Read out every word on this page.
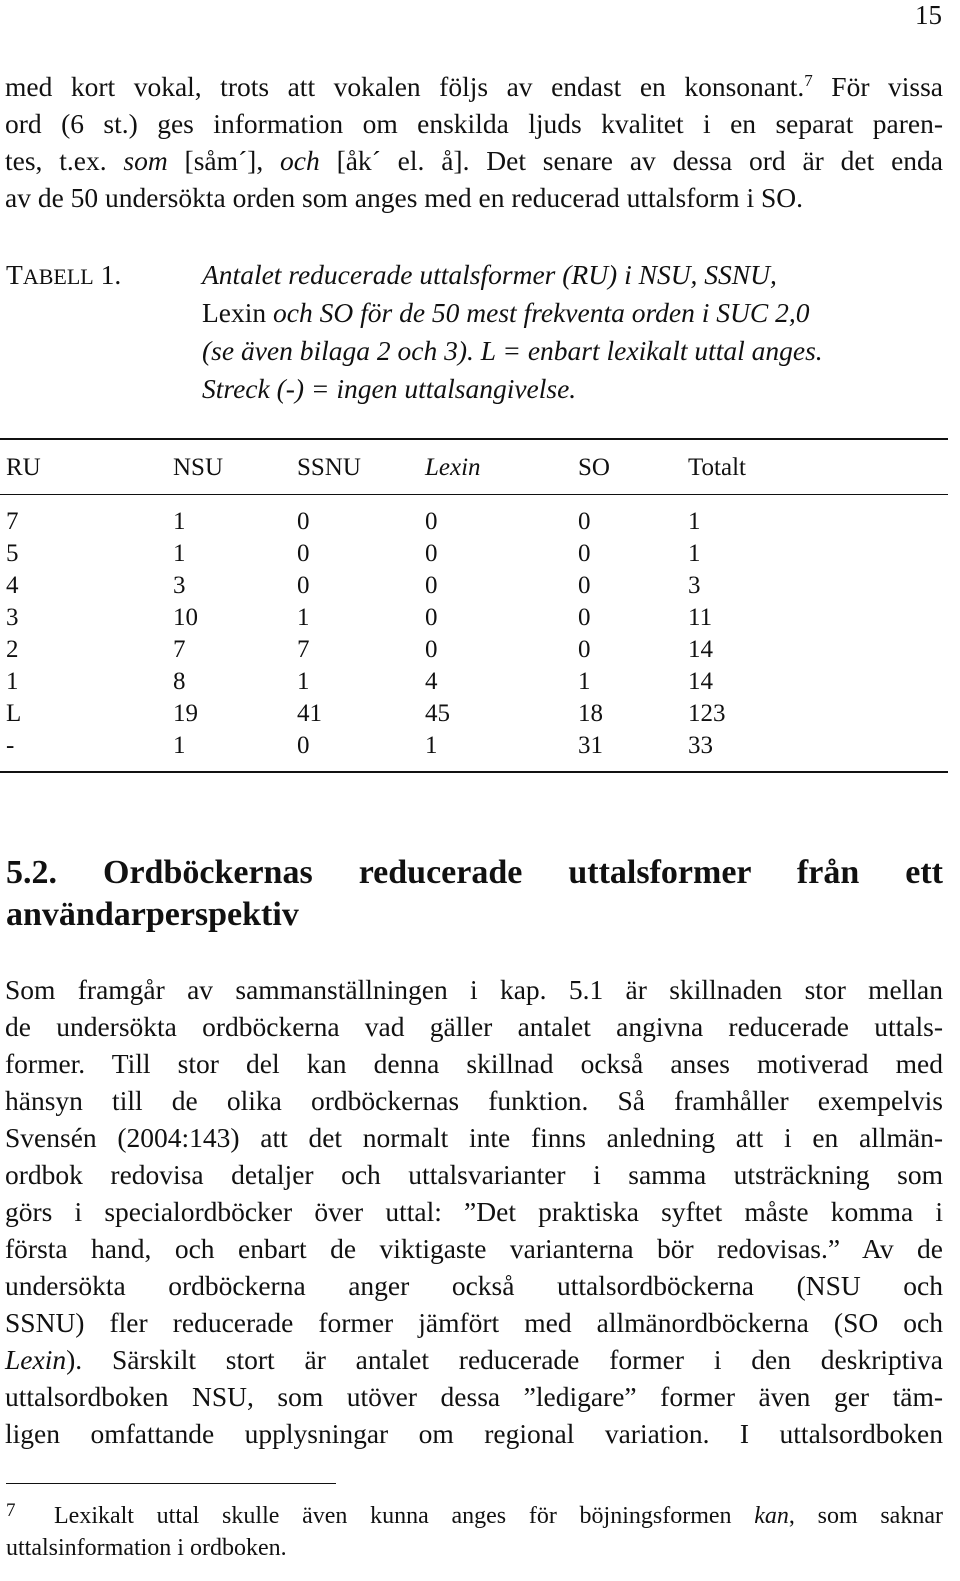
15

med kort vokal, trots att vokalen följs av endast en konsonant.$^7$ För vissa
ord (6 st.) ges information om enskilda ljuds kvalitet i en separat paren-
tes, t.ex. som [såm´], och [åk´ el. å]. Det senare av dessa ord är det enda
av de 50 undersökta orden som anges med en reducerad uttalsform i SO.

TABELL 1.	Antalet reducerade uttalsformer (RU) i NSU, SSNU,
Lexin och SO för de 50 mest frekventa orden i SUC 2,0
(se även bilaga 2 och 3). L = enbart lexikalt uttal anges.
Streck (-) = ingen uttalsangivelse.
RU	NSU	SSNU	Lexin	SO	Totalt
7	1	0	0	0	1
5	1	0	0	0	1
4	3	0	0	0	3
3	10	1	0	0	11
2	7	7	0	0	14
1	8	1	4	1	14
L	19	41	45	18	123
-	1	0	1	31	33
5.2. Ordböckernas reducerade uttalsformer från ett
användarperspektiv

Som framgår av sammanställningen i kap. 5.1 är skillnaden stor mellan
de undersökta ordböckerna vad gäller antalet angivna reducerade uttals-
former. Till stor del kan denna skillnad också anses motiverad med
hänsyn till de olika ordböckernas funktion. Så framhåller exempelvis
Svensén (2004:143) att det normalt inte finns anledning att i en allmän-
ordbok redovisa detaljer och uttalsvarianter i samma utsträckning som
görs i specialordböcker över uttal: ”Det praktiska syftet måste komma i
första hand, och enbart de viktigaste varianterna bör redovisas.” Av de
undersökta ordböckerna anger också uttalsordböckerna (NSU och
SSNU) fler reducerade former jämfört med allmänordböckerna (SO och
Lexin). Särskilt stort är antalet reducerade former i den deskriptiva
uttalsordboken NSU, som utöver dessa ”ledigare” former även ger täm-
ligen omfattande upplysningar om regional variation. I uttalsordboken

7 Lexikalt uttal skulle även kunna anges för böjningsformen kan, som saknar
uttalsinformation i ordboken.
